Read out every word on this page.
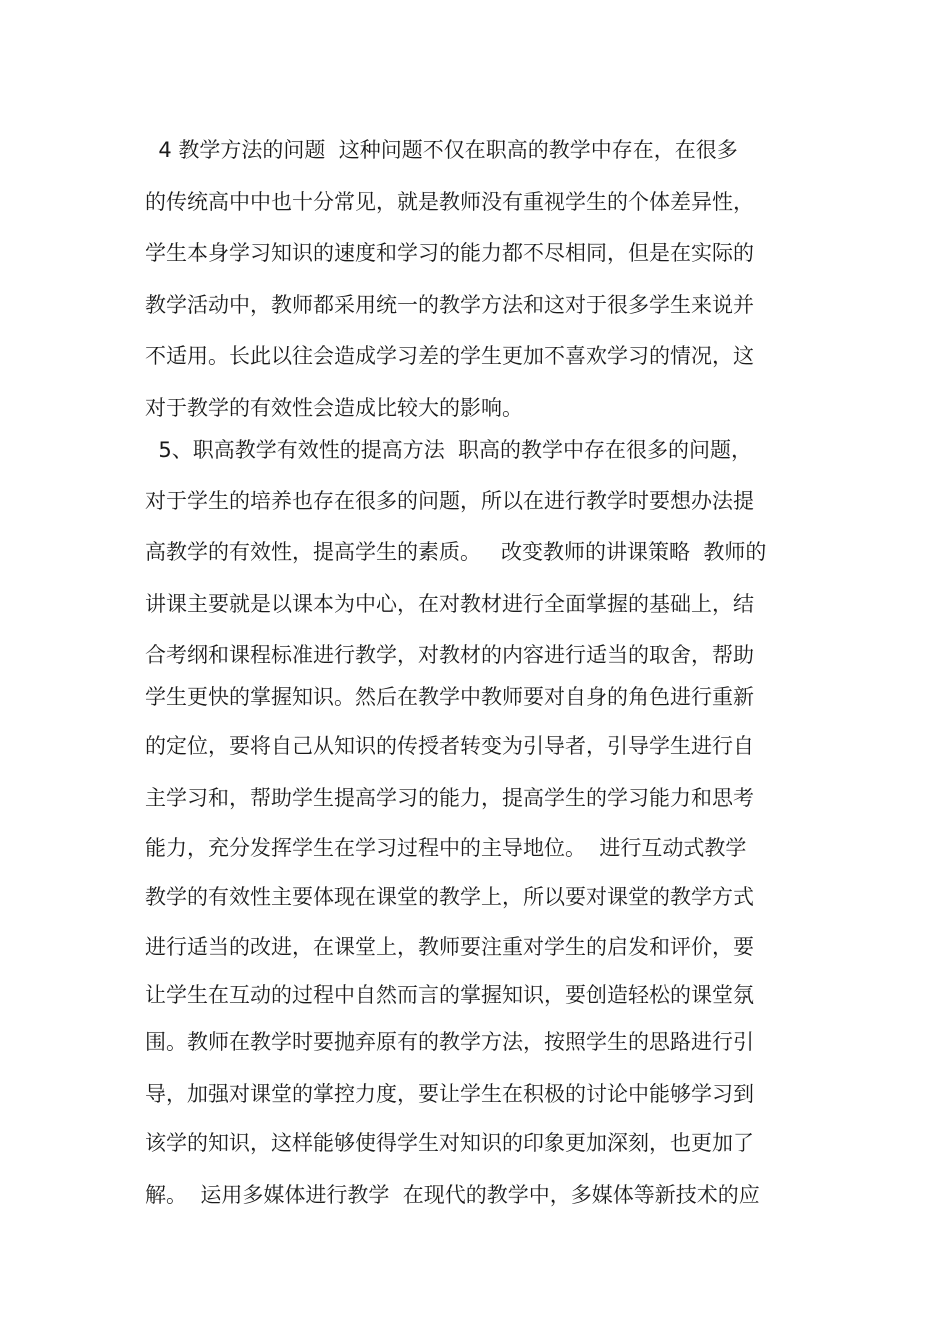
4 教学方法的问题  这种问题不仅在职高的教学中存在，在很多
的传统高中中也十分常见，就是教师没有重视学生的个体差异性，
学生本身学习知识的速度和学习的能力都不尽相同，但是在实际的
教学活动中，教师都采用统一的教学方法和这对于很多学生来说并
不适用。长此以往会造成学习差的学生更加不喜欢学习的情况，这
对于教学的有效性会造成比较大的影响。
5、职高教学有效性的提高方法  职高的教学中存在很多的问题，
对于学生的培养也存在很多的问题，所以在进行教学时要想办法提
高教学的有效性，提高学生的素质。   改变教师的讲课策略  教师的
讲课主要就是以课本为中心，在对教材进行全面掌握的基础上，结
合考纲和课程标准进行教学，对教材的内容进行适当的取舍，帮助
学生更快的掌握知识。然后在教学中教师要对自身的角色进行重新
的定位，要将自己从知识的传授者转变为引导者，引导学生进行自
主学习和，帮助学生提高学习的能力，提高学生的学习能力和思考
能力，充分发挥学生在学习过程中的主导地位。  进行互动式教学
教学的有效性主要体现在课堂的教学上，所以要对课堂的教学方式
进行适当的改进，在课堂上，教师要注重对学生的启发和评价，要
让学生在互动的过程中自然而言的掌握知识，要创造轻松的课堂氛
围。教师在教学时要抛弃原有的教学方法，按照学生的思路进行引
导，加强对课堂的掌控力度，要让学生在积极的讨论中能够学习到
该学的知识，这样能够使得学生对知识的印象更加深刻，也更加了
解。  运用多媒体进行教学  在现代的教学中，多媒体等新技术的应
